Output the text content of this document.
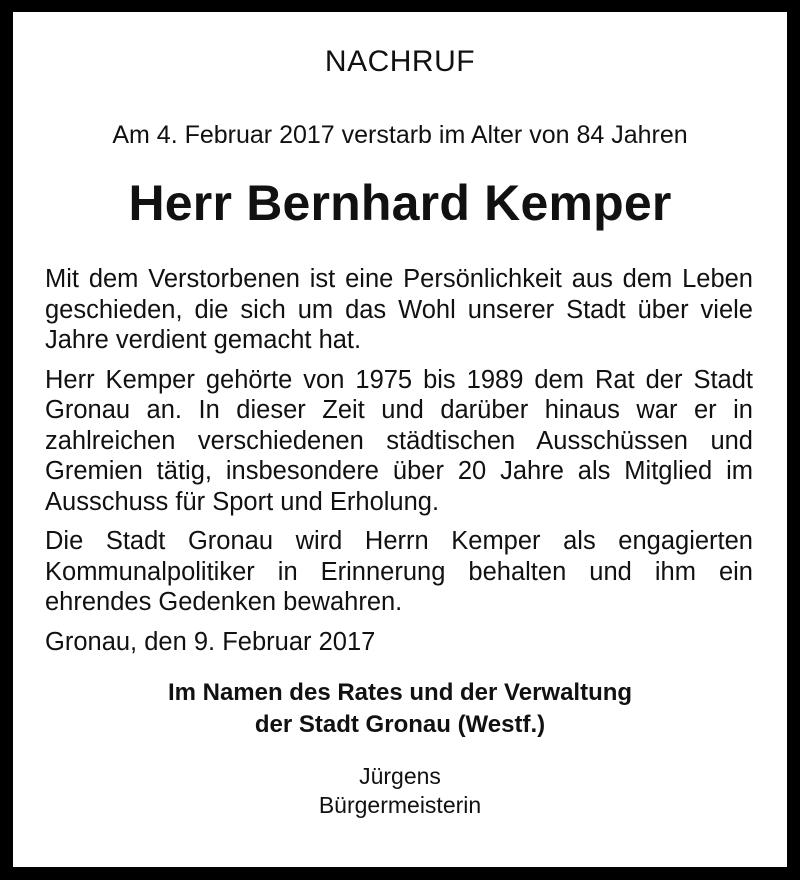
NACHRUF
Am 4. Februar 2017 verstarb im Alter von 84 Jahren
Herr Bernhard Kemper

Mit dem Verstorbenen ist eine Persönlichkeit aus dem Leben geschieden, die sich um das Wohl unserer Stadt über viele Jahre verdient gemacht hat.

Herr Kemper gehörte von 1975 bis 1989 dem Rat der Stadt Gronau an. In dieser Zeit und darüber hinaus war er in zahlreichen verschiedenen städtischen Ausschüssen und Gremien tätig, insbesondere über 20 Jahre als Mitglied im Ausschuss für Sport und Erholung.

Die Stadt Gronau wird Herrn Kemper als engagierten Kommunalpolitiker in Erinnerung behalten und ihm ein ehrendes Gedenken bewahren.

Gronau, den 9. Februar 2017

Im Namen des Rates und der Verwaltung
der Stadt Gronau (Westf.)
Jürgens
Bürgermeisterin
